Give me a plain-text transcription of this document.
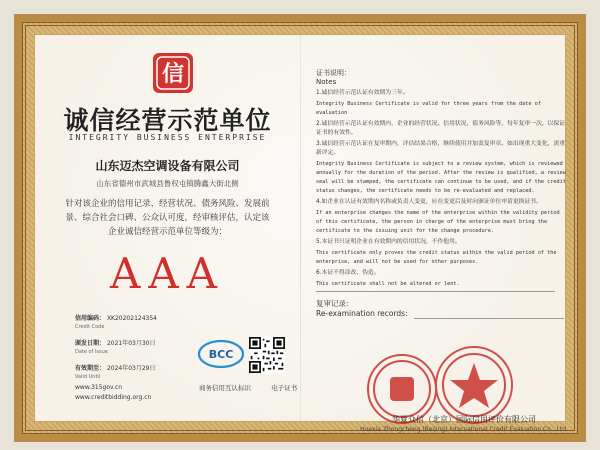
信
诚信经营示范单位
INTEGRITY BUSINESS ENTERPRISE
山东迈杰空调设备有限公司
山东省德州市武城县鲁权屯镇腾鑫大街北侧
针对该企业的信用记录、经营状况、债务风险、发展前景、综合社会口碑、公众认可度，经审核评估，认定该企业诚信经营示范单位等级为：
AAA
信用编码： XK20202124354
Credit Code
颁发日期： 2021年03月30日
Date of Issue
有效期至： 2024年03月29日
Valid Until
www.315gov.cn
www.creditbidding.org.cn
BCC
商务信用互认标识	电子证书
证书说明：
Notes
1.诚信经营示范认证有效期为三年。
Integrity Business Certificate is valid for three years from the date of evaluation
2.诚信经营示范认证有效期内，企业的经营状况、信用状况、债务风险等，每年复审一次，以保证证书的有效性。
3.诚信经营示范认证在复审期内，评估结果合格，继续使用并加盖复审章。如出现重大变化，需重新评定。
Integrity Business Certificate is subject to a review system, which is reviewed annually for the duration of the period. After the review is qualified, a review seal will be stamped, the certificate can continue to be used, and if the credit status changes, the certificate needs to be re-evaluated and replaced.
4.如企业在认证有效期内名称或负责人变更，应在变更后及时向颁证单位申请更换证书。
If an enterprise changes the name of the enterprise within the validity period of this certificate, the person in charge of the enterprise must bring the certificate to the issuing unit for the change procedure.
5.本证书只证明企业在有效期内的信用状况，不作他用。
This certificate only proves the credit status within the valid period of the enterprise, and will not be used for other purposes.
6.本证不得涂改、伪造。
This certificate shall not be altered or lent.
复审记录：
Re-examination records:
华夏众信（北京）国际信用评价有限公司
Huaxia Zhongcheng (Beijing) International Credit Evaluation Co., Ltd.
